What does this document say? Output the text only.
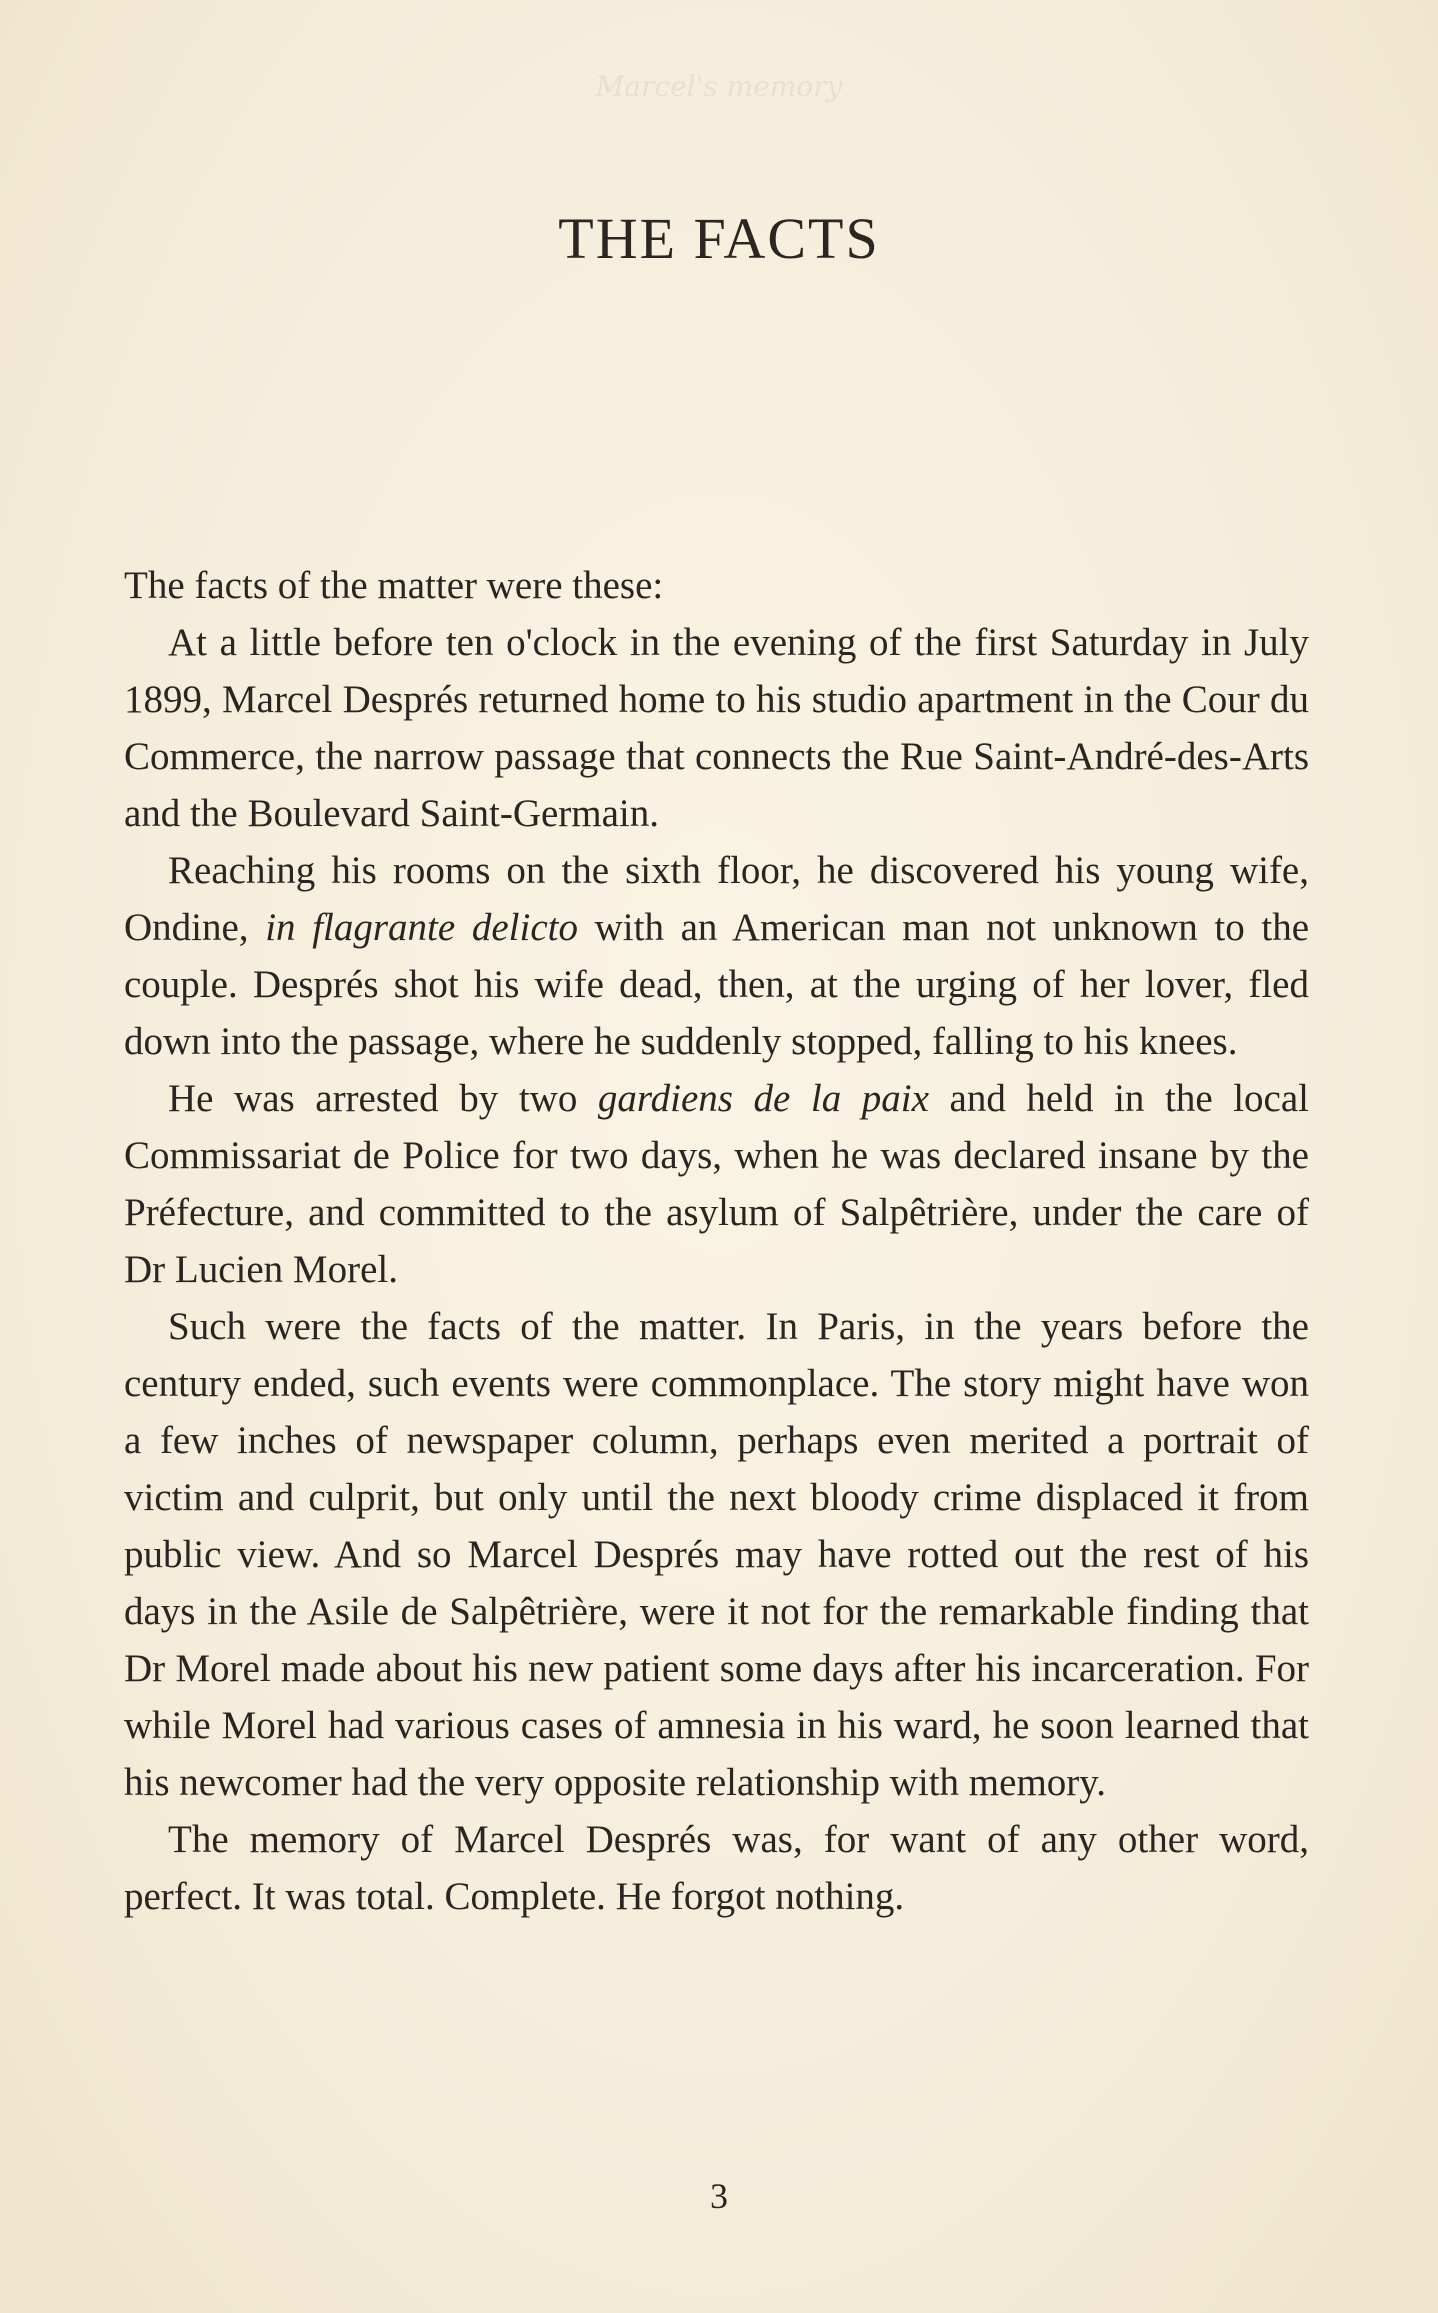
Marcel's memory
THE FACTS

The facts of the matter were these:

At a little before ten o'clock in the evening of the first Saturday in July 1899, Marcel Després returned home to his studio apartment in the Cour du Commerce, the narrow passage that connects the Rue Saint-André-des-Arts and the Boulevard Saint-Germain.

Reaching his rooms on the sixth floor, he discovered his young wife, Ondine, in flagrante delicto with an American man not unknown to the couple. Després shot his wife dead, then, at the urging of her lover, fled down into the passage, where he suddenly stopped, falling to his knees.

He was arrested by two gardiens de la paix and held in the local Commissariat de Police for two days, when he was declared insane by the Préfecture, and committed to the asylum of Salpêtrière, under the care of Dr Lucien Morel.

Such were the facts of the matter. In Paris, in the years before the century ended, such events were commonplace. The story might have won a few inches of newspaper column, perhaps even merited a portrait of victim and culprit, but only until the next bloody crime displaced it from public view. And so Marcel Després may have rotted out the rest of his days in the Asile de Salpêtrière, were it not for the remarkable finding that Dr Morel made about his new patient some days after his incarceration. For while Morel had various cases of amnesia in his ward, he soon learned that his newcomer had the very opposite relationship with memory.

The memory of Marcel Després was, for want of any other word, perfect. It was total. Complete. He forgot nothing.

3
